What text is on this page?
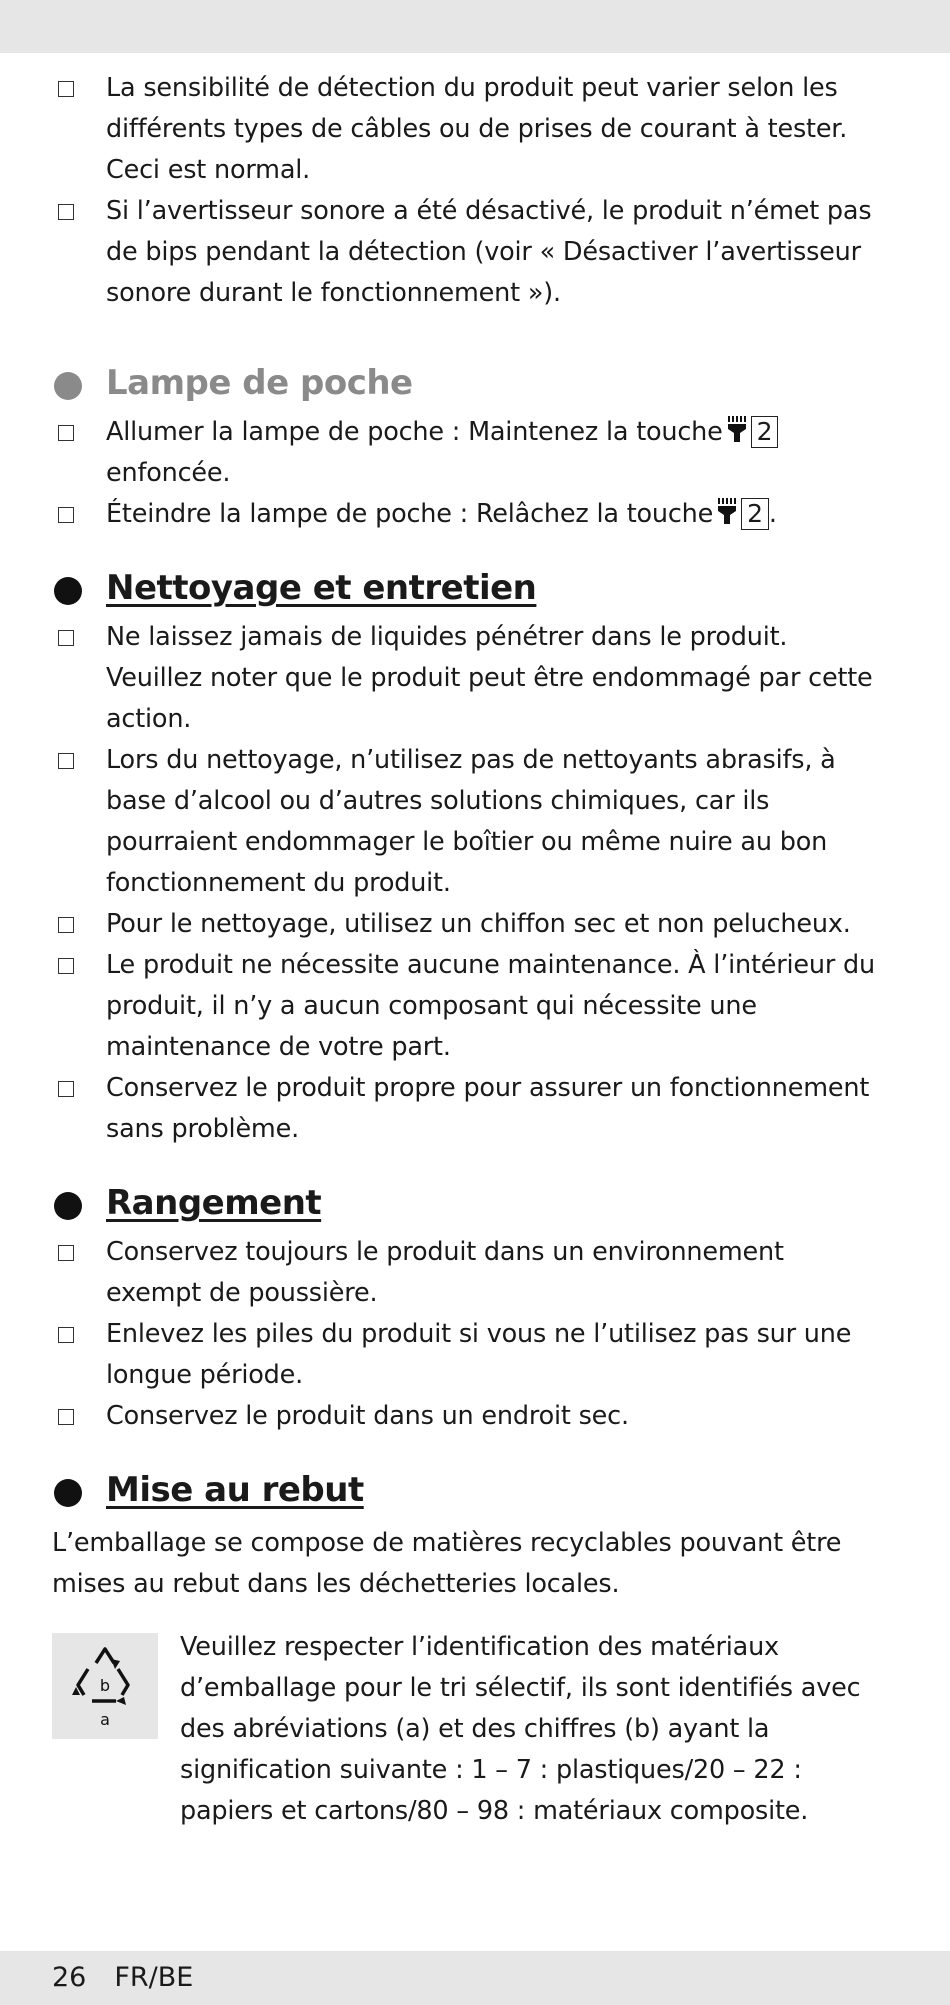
La sensibilité de détection du produit peut varier selon les différents types de câbles ou de prises de courant à tester. Ceci est normal.
Si l’avertisseur sonore a été désactivé, le produit n’émet pas de bips pendant la détection (voir « Désactiver l’avertisseur sonore durant le fonctionnement »).
Lampe de poche
Allumer la lampe de poche : Maintenez la touche 2
enfoncée.
Éteindre la lampe de poche : Relâchez la touche 2 .
Nettoyage et entretien
Ne laissez jamais de liquides pénétrer dans le produit. Veuillez noter que le produit peut être endommagé par cette action.
Lors du nettoyage, n’utilisez pas de nettoyants abrasifs, à base d’alcool ou d’autres solutions chimiques, car ils pourraient endommager le boîtier ou même nuire au bon fonctionnement du produit.
Pour le nettoyage, utilisez un chiffon sec et non pelucheux.
Le produit ne nécessite aucune maintenance. À l’intérieur du produit, il n’y a aucun composant qui nécessite une maintenance de votre part.
Conservez le produit propre pour assurer un fonctionnement sans problème.
Rangement
Conservez toujours le produit dans un environnement exempt de poussière.
Enlevez les piles du produit si vous ne l’utilisez pas sur une longue période.
Conservez le produit dans un endroit sec.
Mise au rebut

L’emballage se compose de matières recyclables pouvant être mises au rebut dans les déchetteries locales.

b
a

Veuillez respecter l’identification des matériaux d’emballage pour le tri sélectif, ils sont identifiés avec des abréviations (a) et des chiffres (b) ayant la signification suivante : 1 – 7 : plastiques/20 – 22 : papiers et cartons/80 – 98 : matériaux composite.

26 FR/BE
